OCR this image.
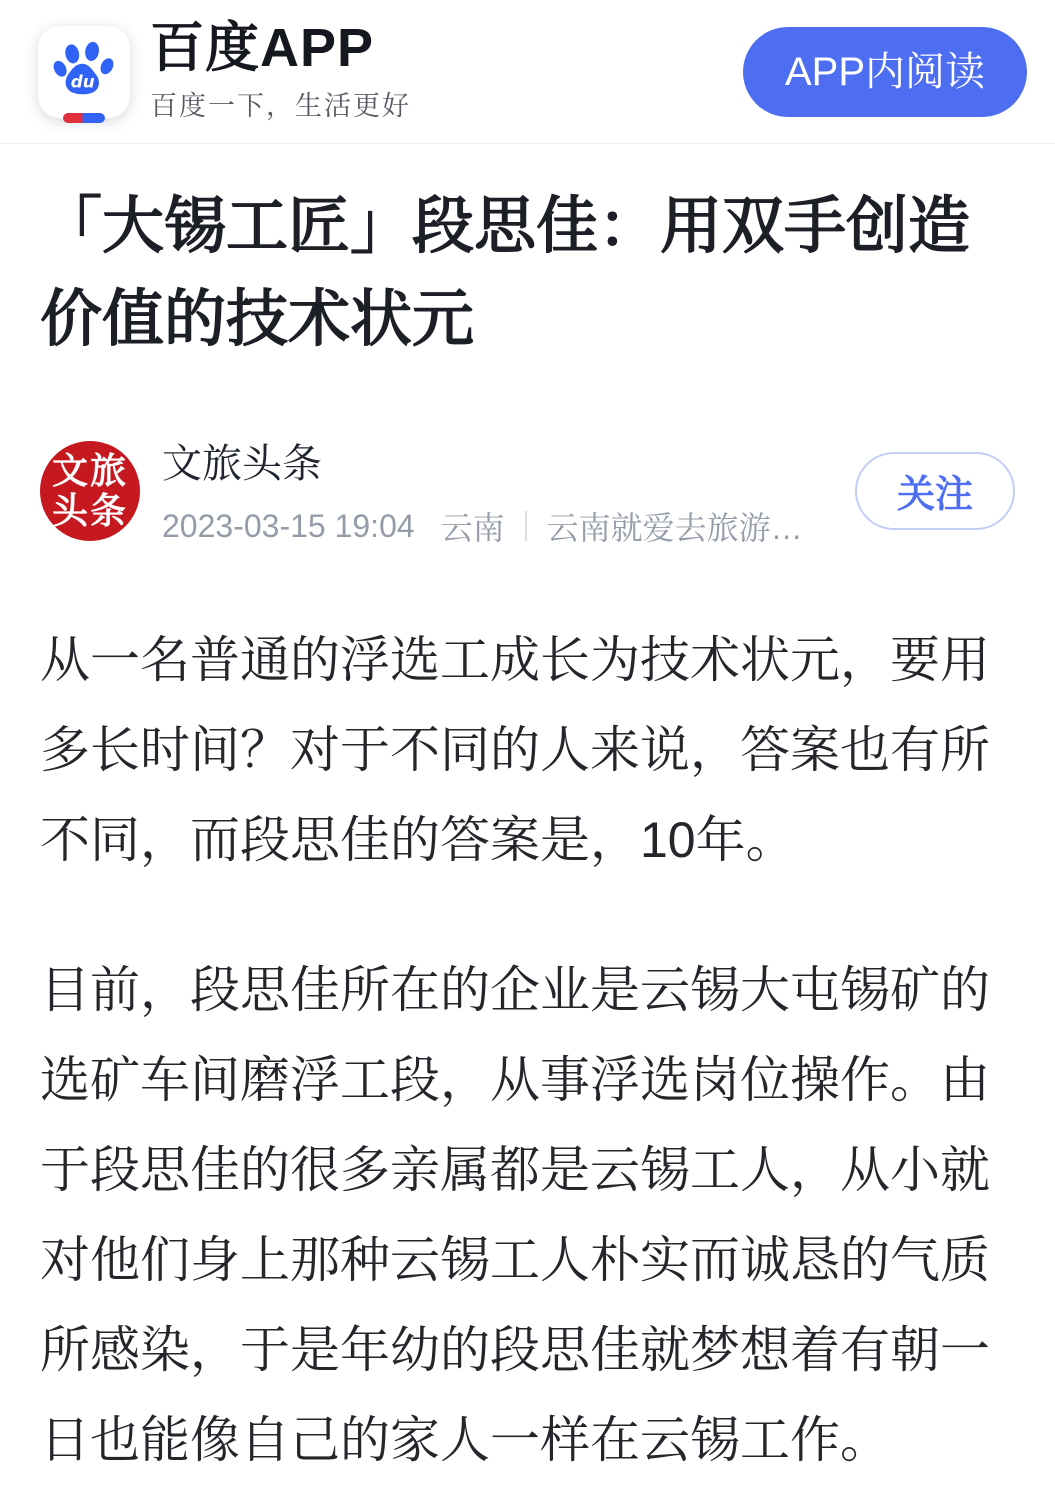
du
百度APP
百度一下，生活更好
APP内阅读
「大锡工匠」段思佳：用双手创造价值的技术状元
文旅
头条
文旅头条
2023-03-15 19:04 云南 云南就爱去旅游…
关注

从一名普通的浮选工成长为技术状元，要用多长时间？对于不同的人来说，答案也有所不同，而段思佳的答案是，10年。

目前，段思佳所在的企业是云锡大屯锡矿的选矿车间磨浮工段，从事浮选岗位操作。由于段思佳的很多亲属都是云锡工人，从小就对他们身上那种云锡工人朴实而诚恳的气质所感染，于是年幼的段思佳就梦想着有朝一日也能像自己的家人一样在云锡工作。
